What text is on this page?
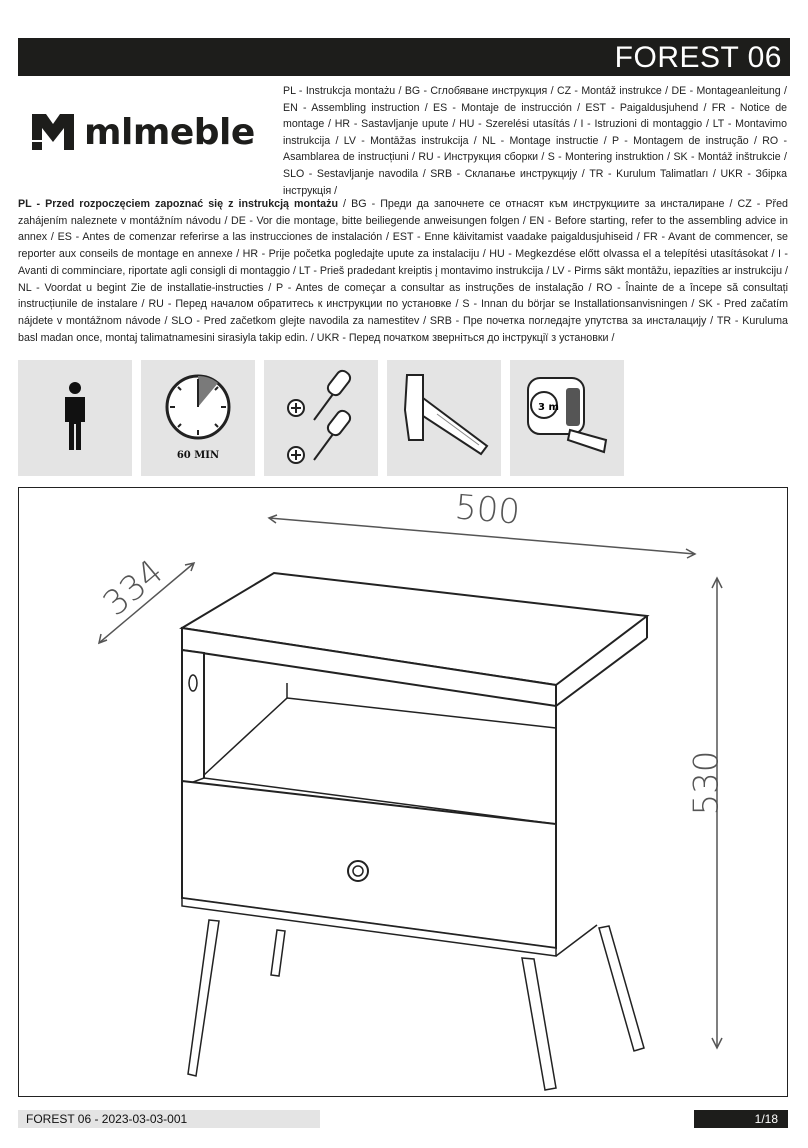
FOREST 06
mlmeble
PL - Instrukcja montażu / BG - Сглобяване инструкция / CZ - Montáž instrukce / DE - Montageanleitung / EN - Assembling instruction / ES - Montaje de instrucción / EST - Paigaldusjuhend / FR - Notice de montage / HR - Sastavljanje upute / HU - Szerelési utasítás / I - Istruzioni di montaggio / LT - Montavimo instrukcija / LV - Montāžas instrukcija / NL - Montage instructie / P - Montagem de instrução / RO - Asamblarea de instrucțiuni / RU - Инструкция сборки / S - Montering instruktion / SK - Montáž inštrukcie / SLO - Sestavljanje navodila / SRB - Склапање инструкцију / TR - Kurulum Talimatları / UKR - Збірка інструкція /
PL - Przed rozpoczęciem zapoznać się z instrukcją montażu / BG - Преди да започнете се отнасят към инструкциите за инсталиране / CZ - Před zahájením naleznete v montážním návodu / DE - Vor die montage, bitte beiliegende anweisungen folgen / EN - Before starting, refer to the assembling advice in annex / ES - Antes de comenzar referirse a las instrucciones de instalación / EST - Enne käivitamist vaadake paigaldusjuhiseid / FR - Avant de commencer, se reporter aux conseils de montage en annexe / HR - Prije početka pogledajte upute za instalaciju / HU - Megkezdése előtt olvassa el a telepítési utasításokat / I - Avanti di comminciare, riportate agli consigli di montaggio / LT - Prieš pradedant kreiptis į montavimo instrukcija / LV - Pirms sākt montāžu, iepazīties ar instrukciju / NL - Voordat u begint Zie de installatie-instructies / P - Antes de começar a consultar as instruções de instalação / RO - Înainte de a începe să consultați instrucțiunile de instalare / RU - Перед началом обратитесь к инструкции по установке / S - Innan du börjar se Installationsanvisningen / SK - Pred začatím nájdete v montážnom návode / SLO - Pred začetkom glejte navodila za namestitev / SRB - Пре почетка погледајте упутства за инсталацију / TR - Kuruluma basl madan once, montaj talimatnamesini sirasiyla takip edin. / UKR - Перед початком зверніться до інструкції з установки /
60 MIN
3 m
500
334
530
FOREST 06 - 2023-03-03-001	1/18
